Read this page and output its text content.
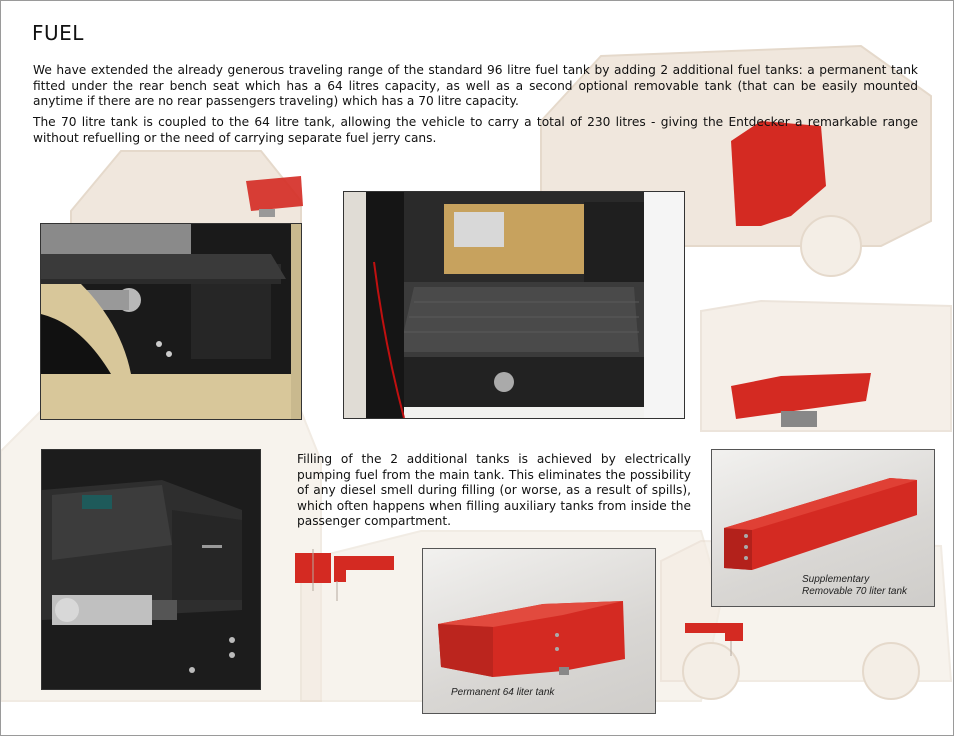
FUEL

We have extended the already generous traveling range of the standard 96 litre fuel tank by adding 2 additional fuel tanks: a permanent tank fitted under the rear bench seat which has a 64 litres capacity, as well as a second optional removable tank (that can be easily mounted anytime if there are no rear passengers traveling) which has a 70 litre capacity.

The 70 litre tank is coupled to the 64 litre tank, allowing the vehicle to carry a total of 230 litres - giving the Entdecker a remarkable range without refuelling or the need of carrying separate fuel jerry cans.

Filling of the 2 additional tanks is achieved by electrically pumping fuel from the main tank. This eliminates the possibility of any diesel smell during filling (or worse, as a result of spills), which often happens when filling auxiliary tanks from inside the passenger compartment.

Supplementary
Removable 70 liter tank
Permanent 64 liter tank
